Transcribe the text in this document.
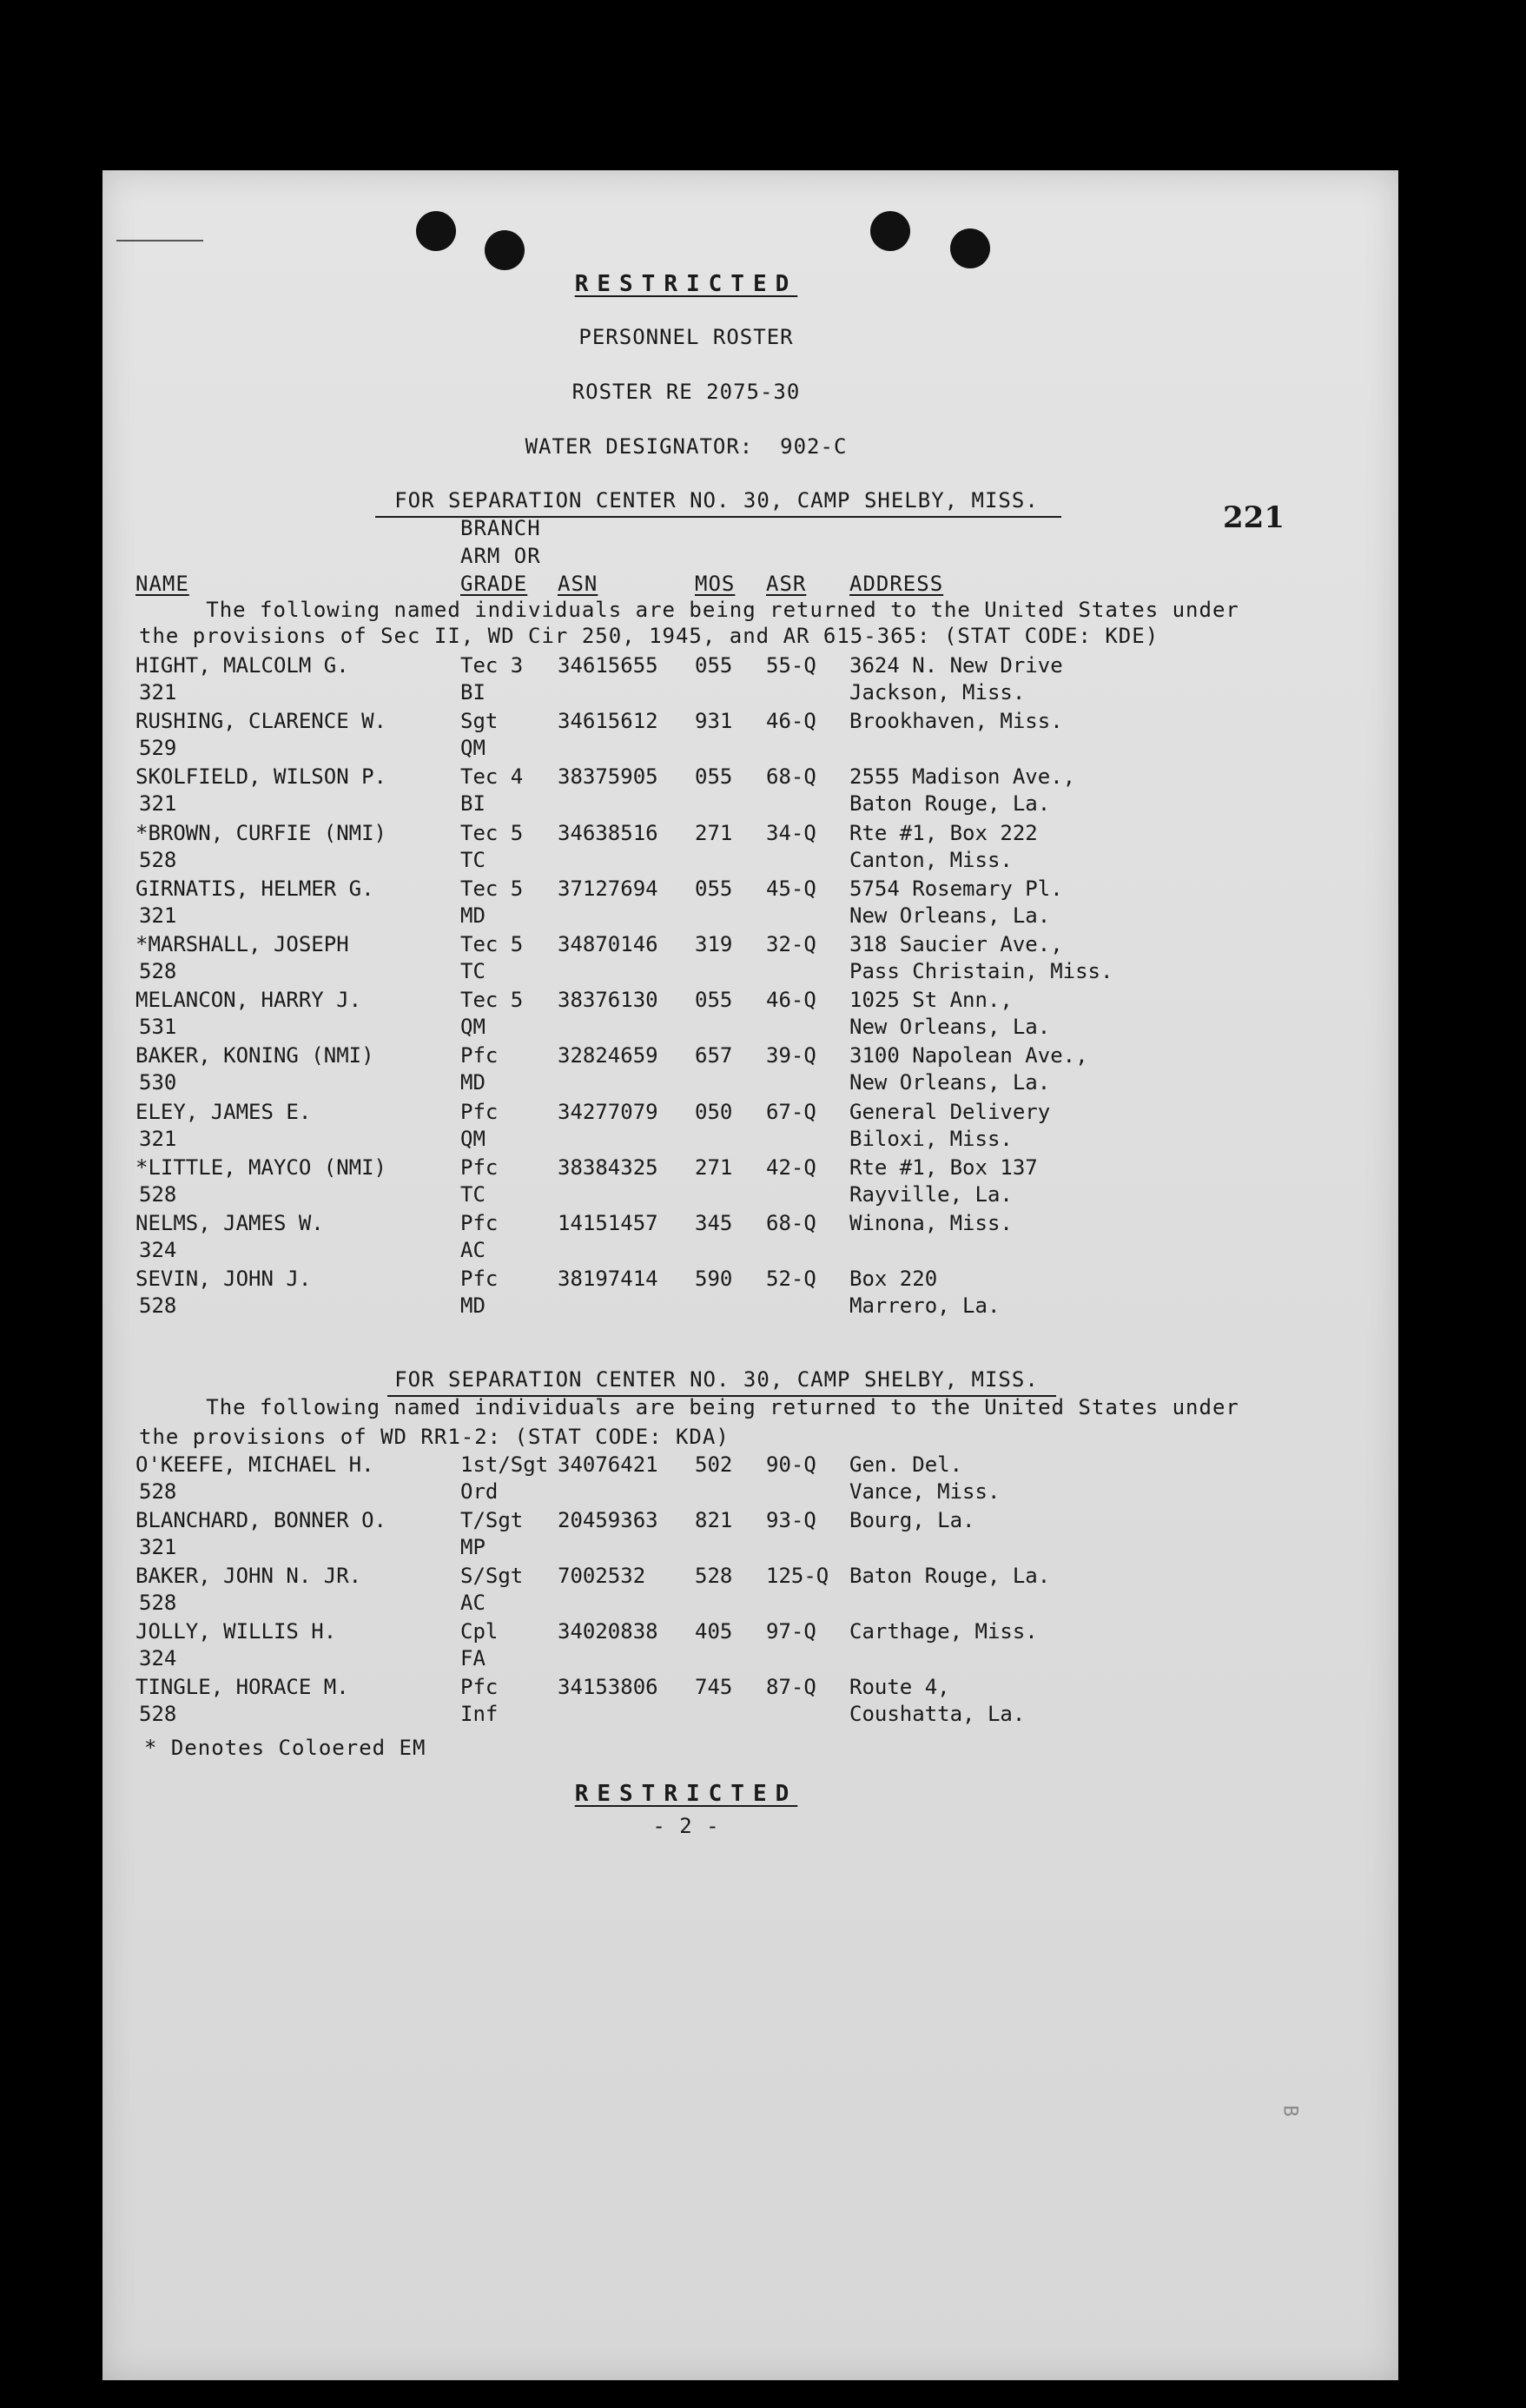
RESTRICTED
PERSONNEL ROSTER
ROSTER RE 2075-30
WATER DESIGNATOR:  902-C
221
FOR SEPARATION CENTER NO. 30, CAMP SHELBY, MISS.
BRANCH
ARM OR
NAME	GRADE ASN	MOS ASR ADDRESS
The following named individuals are being returned to the United States under
the provisions of Sec II, WD Cir 250, 1945, and AR 615-365: (STAT CODE: KDE)
HIGHT, MALCOLM G.
321
Tec 3
BI
34615655 055 55-Q 3624 N. New Drive
Jackson, Miss.
RUSHING, CLARENCE W.
529
Sgt
QM
34615612 931 46-Q Brookhaven, Miss.
SKOLFIELD, WILSON P.
321
Tec 4
BI
38375905 055 68-Q 2555 Madison Ave.,
Baton Rouge, La.
*BROWN, CURFIE (NMI)
528
Tec 5
TC
34638516 271 34-Q Rte #1, Box 222
Canton, Miss.
GIRNATIS, HELMER G.
321
Tec 5
MD
37127694 055 45-Q 5754 Rosemary Pl.
New Orleans, La.
*MARSHALL, JOSEPH
528
Tec 5
TC
34870146 319 32-Q 318 Saucier Ave.,
Pass Christain, Miss.
MELANCON, HARRY J.
531
Tec 5
QM
38376130 055 46-Q 1025 St Ann.,
New Orleans, La.
BAKER, KONING (NMI)
530
Pfc
MD
32824659 657 39-Q 3100 Napolean Ave.,
New Orleans, La.
ELEY, JAMES E.
321
Pfc
QM
34277079 050 67-Q General Delivery
Biloxi, Miss.
*LITTLE, MAYCO (NMI)
528
Pfc
TC
38384325 271 42-Q Rte #1, Box 137
Rayville, La.
NELMS, JAMES W.
324
Pfc
AC
14151457 345 68-Q Winona, Miss.
SEVIN, JOHN J.
528
Pfc
MD
38197414 590 52-Q Box 220
Marrero, La.
FOR SEPARATION CENTER NO. 30, CAMP SHELBY, MISS.
The following named individuals are being returned to the United States under
the provisions of WD RR1-2: (STAT CODE: KDA)
O'KEEFE, MICHAEL H.
528
1st/Sgt
Ord
34076421 502 90-Q Gen. Del.
Vance, Miss.
BLANCHARD, BONNER O.
321
T/Sgt
MP
20459363 821 93-Q Bourg, La.
BAKER, JOHN N. JR.
528
S/Sgt
AC
7002532 528 125-Q Baton Rouge, La.
JOLLY, WILLIS H.
324
Cpl
FA
34020838 405 97-Q Carthage, Miss.
TINGLE, HORACE M.
528
Pfc
Inf
34153806 745 87-Q Route 4,
Coushatta, La.
* Denotes Coloered EM
RESTRICTED
- 2 -
B
